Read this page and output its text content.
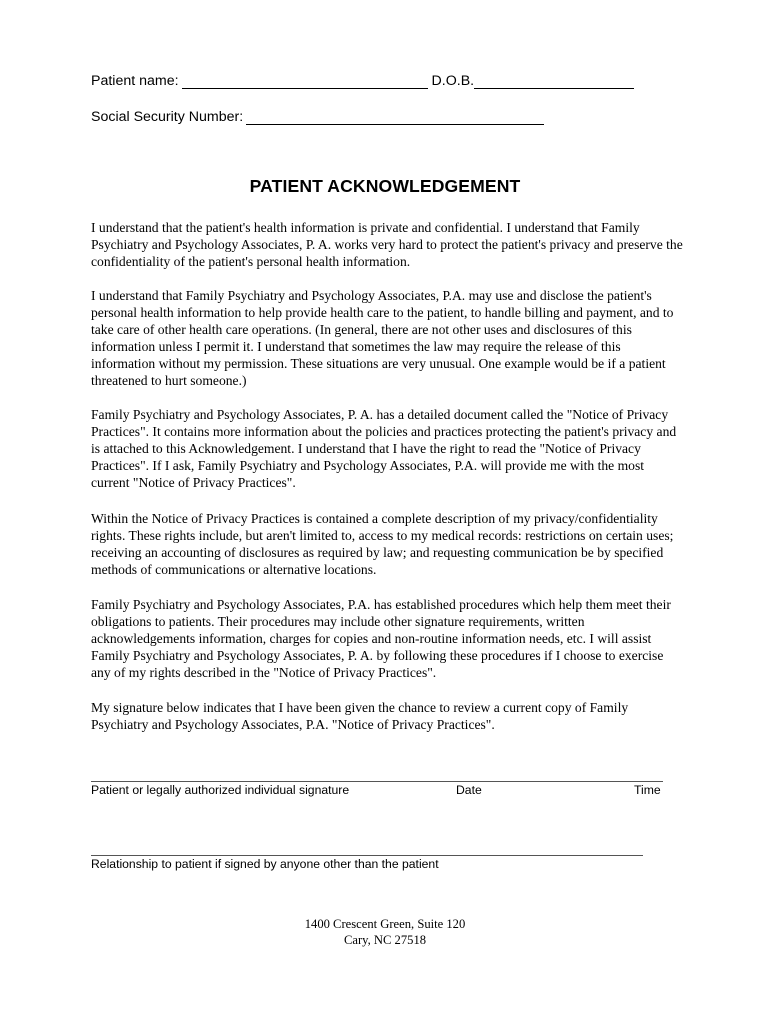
Patient name:	D.O.B.
Social Security Number:
PATIENT ACKNOWLEDGEMENT

I understand that the patient's health information is private and confidential. I understand that Family Psychiatry and Psychology Associates, P. A. works very hard to protect the patient's privacy and preserve the confidentiality of the patient's personal health information.

I understand that Family Psychiatry and Psychology Associates, P.A. may use and disclose the patient's personal health information to help provide health care to the patient, to handle billing and payment, and to take care of other health care operations. (In general, there are not other uses and disclosures of this information unless I permit it. I understand that sometimes the law may require the release of this information without my permission. These situations are very unusual. One example would be if a patient threatened to hurt someone.)

Family Psychiatry and Psychology Associates, P. A. has a detailed document called the "Notice of Privacy Practices". It contains more information about the policies and practices protecting the patient's privacy and is attached to this Acknowledgement. I understand that I have the right to read the "Notice of Privacy Practices". If I ask, Family Psychiatry and Psychology Associates, P.A. will provide me with the most current "Notice of Privacy Practices".

Within the Notice of Privacy Practices is contained a complete description of my privacy/confidentiality rights. These rights include, but aren't limited to, access to my medical records: restrictions on certain uses; receiving an accounting of disclosures as required by law; and requesting communication be by specified methods of communications or alternative locations.

Family Psychiatry and Psychology Associates, P.A. has established procedures which help them meet their obligations to patients. Their procedures may include other signature requirements, written acknowledgements information, charges for copies and non-routine information needs, etc. I will assist Family Psychiatry and Psychology Associates, P. A. by following these procedures if I choose to exercise any of my rights described in the "Notice of Privacy Practices".

My signature below indicates that I have been given the chance to review a current copy of Family Psychiatry and Psychology Associates, P.A. "Notice of Privacy Practices".

Patient or legally authorized individual signature	Date	Time
Relationship to patient if signed by anyone other than the patient
1400 Crescent Green, Suite 120
Cary, NC 27518
